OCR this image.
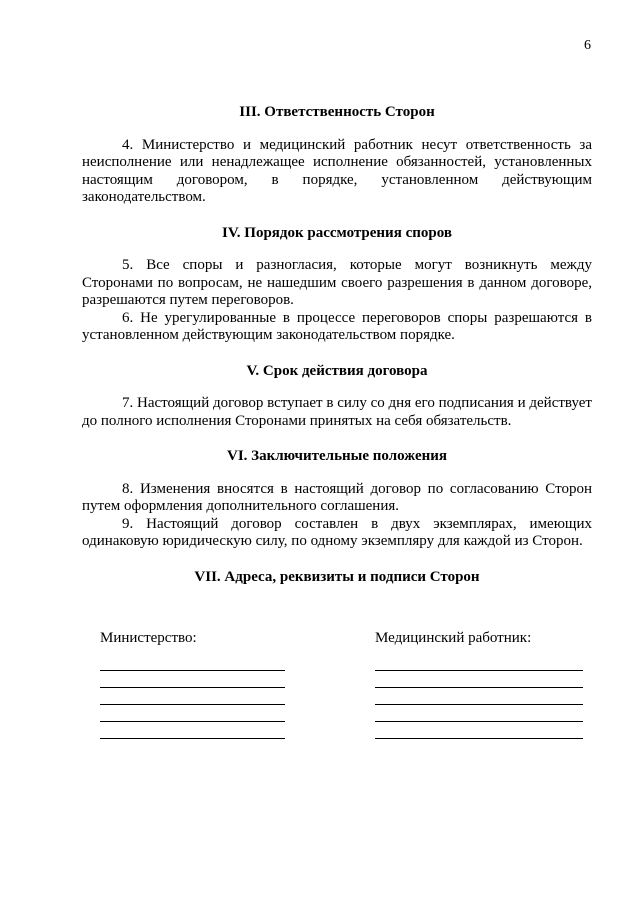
6
III. Ответственность Сторон

4. Министерство и медицинский работник несут ответственность за неисполнение или ненадлежащее исполнение обязанностей, установленных настоящим договором, в порядке, установленном действующим законодательством.

IV. Порядок рассмотрения споров

5. Все споры и разногласия, которые могут возникнуть между Сторонами по вопросам, не нашедшим своего разрешения в данном договоре, разрешаются путем переговоров.

6. Не урегулированные в процессе переговоров споры разрешаются в установленном действующим законодательством порядке.

V. Срок действия договора

7. Настоящий договор вступает в силу со дня его подписания и действует до полного исполнения Сторонами принятых на себя обязательств.

VI. Заключительные положения

8. Изменения вносятся в настоящий договор по согласованию Сторон путем оформления дополнительного соглашения.

9. Настоящий договор составлен в двух экземплярах, имеющих одинаковую юридическую силу, по одному экземпляру для каждой из Сторон.

VII. Адреса, реквизиты и подписи Сторон
Министерство:	Медицинский работник:
